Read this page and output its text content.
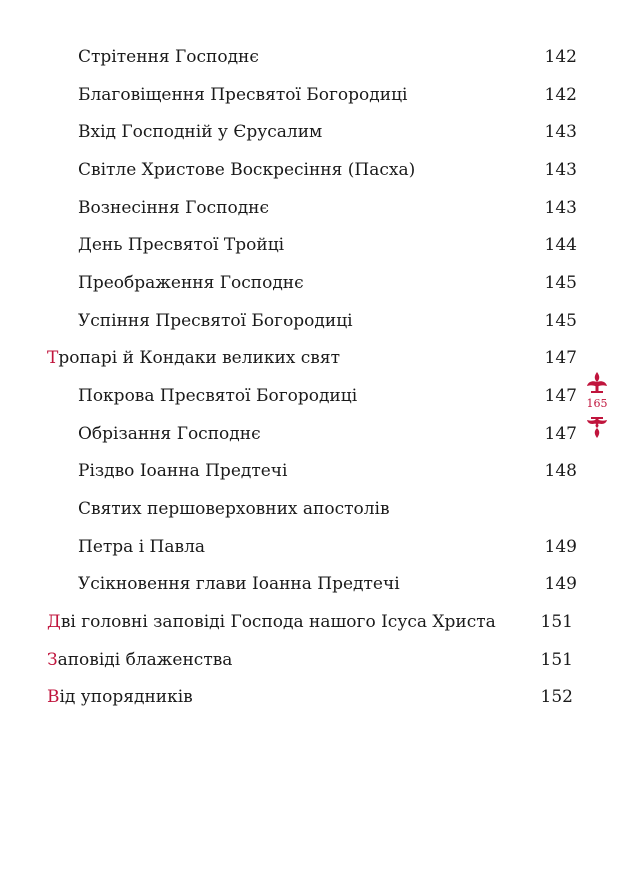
Стрітення Господнє	142
Благовіщення Пресвятої Богородиці	142
Вхід Господній у Єрусалим	143
Світле Христове Воскресіння (Пасха)	143
Вознесіння Господнє	143
День Пресвятої Тройці	144
Преображення Господнє	145
Успіння Пресвятої Богородиці	145
Тропарі й Кондаки великих свят	147
Покрова Пресвятої Богородиці	147
Обрізання Господнє	147
Різдво Іоанна Предтечі	148
Святих першоверховних апостолів
Петра і Павла	149
Усікновення глави Іоанна Предтечі	149
Дві головні заповіді Господа нашого Ісуса Христа	151
Заповіді блаженства	151
Від упорядників	152
165
